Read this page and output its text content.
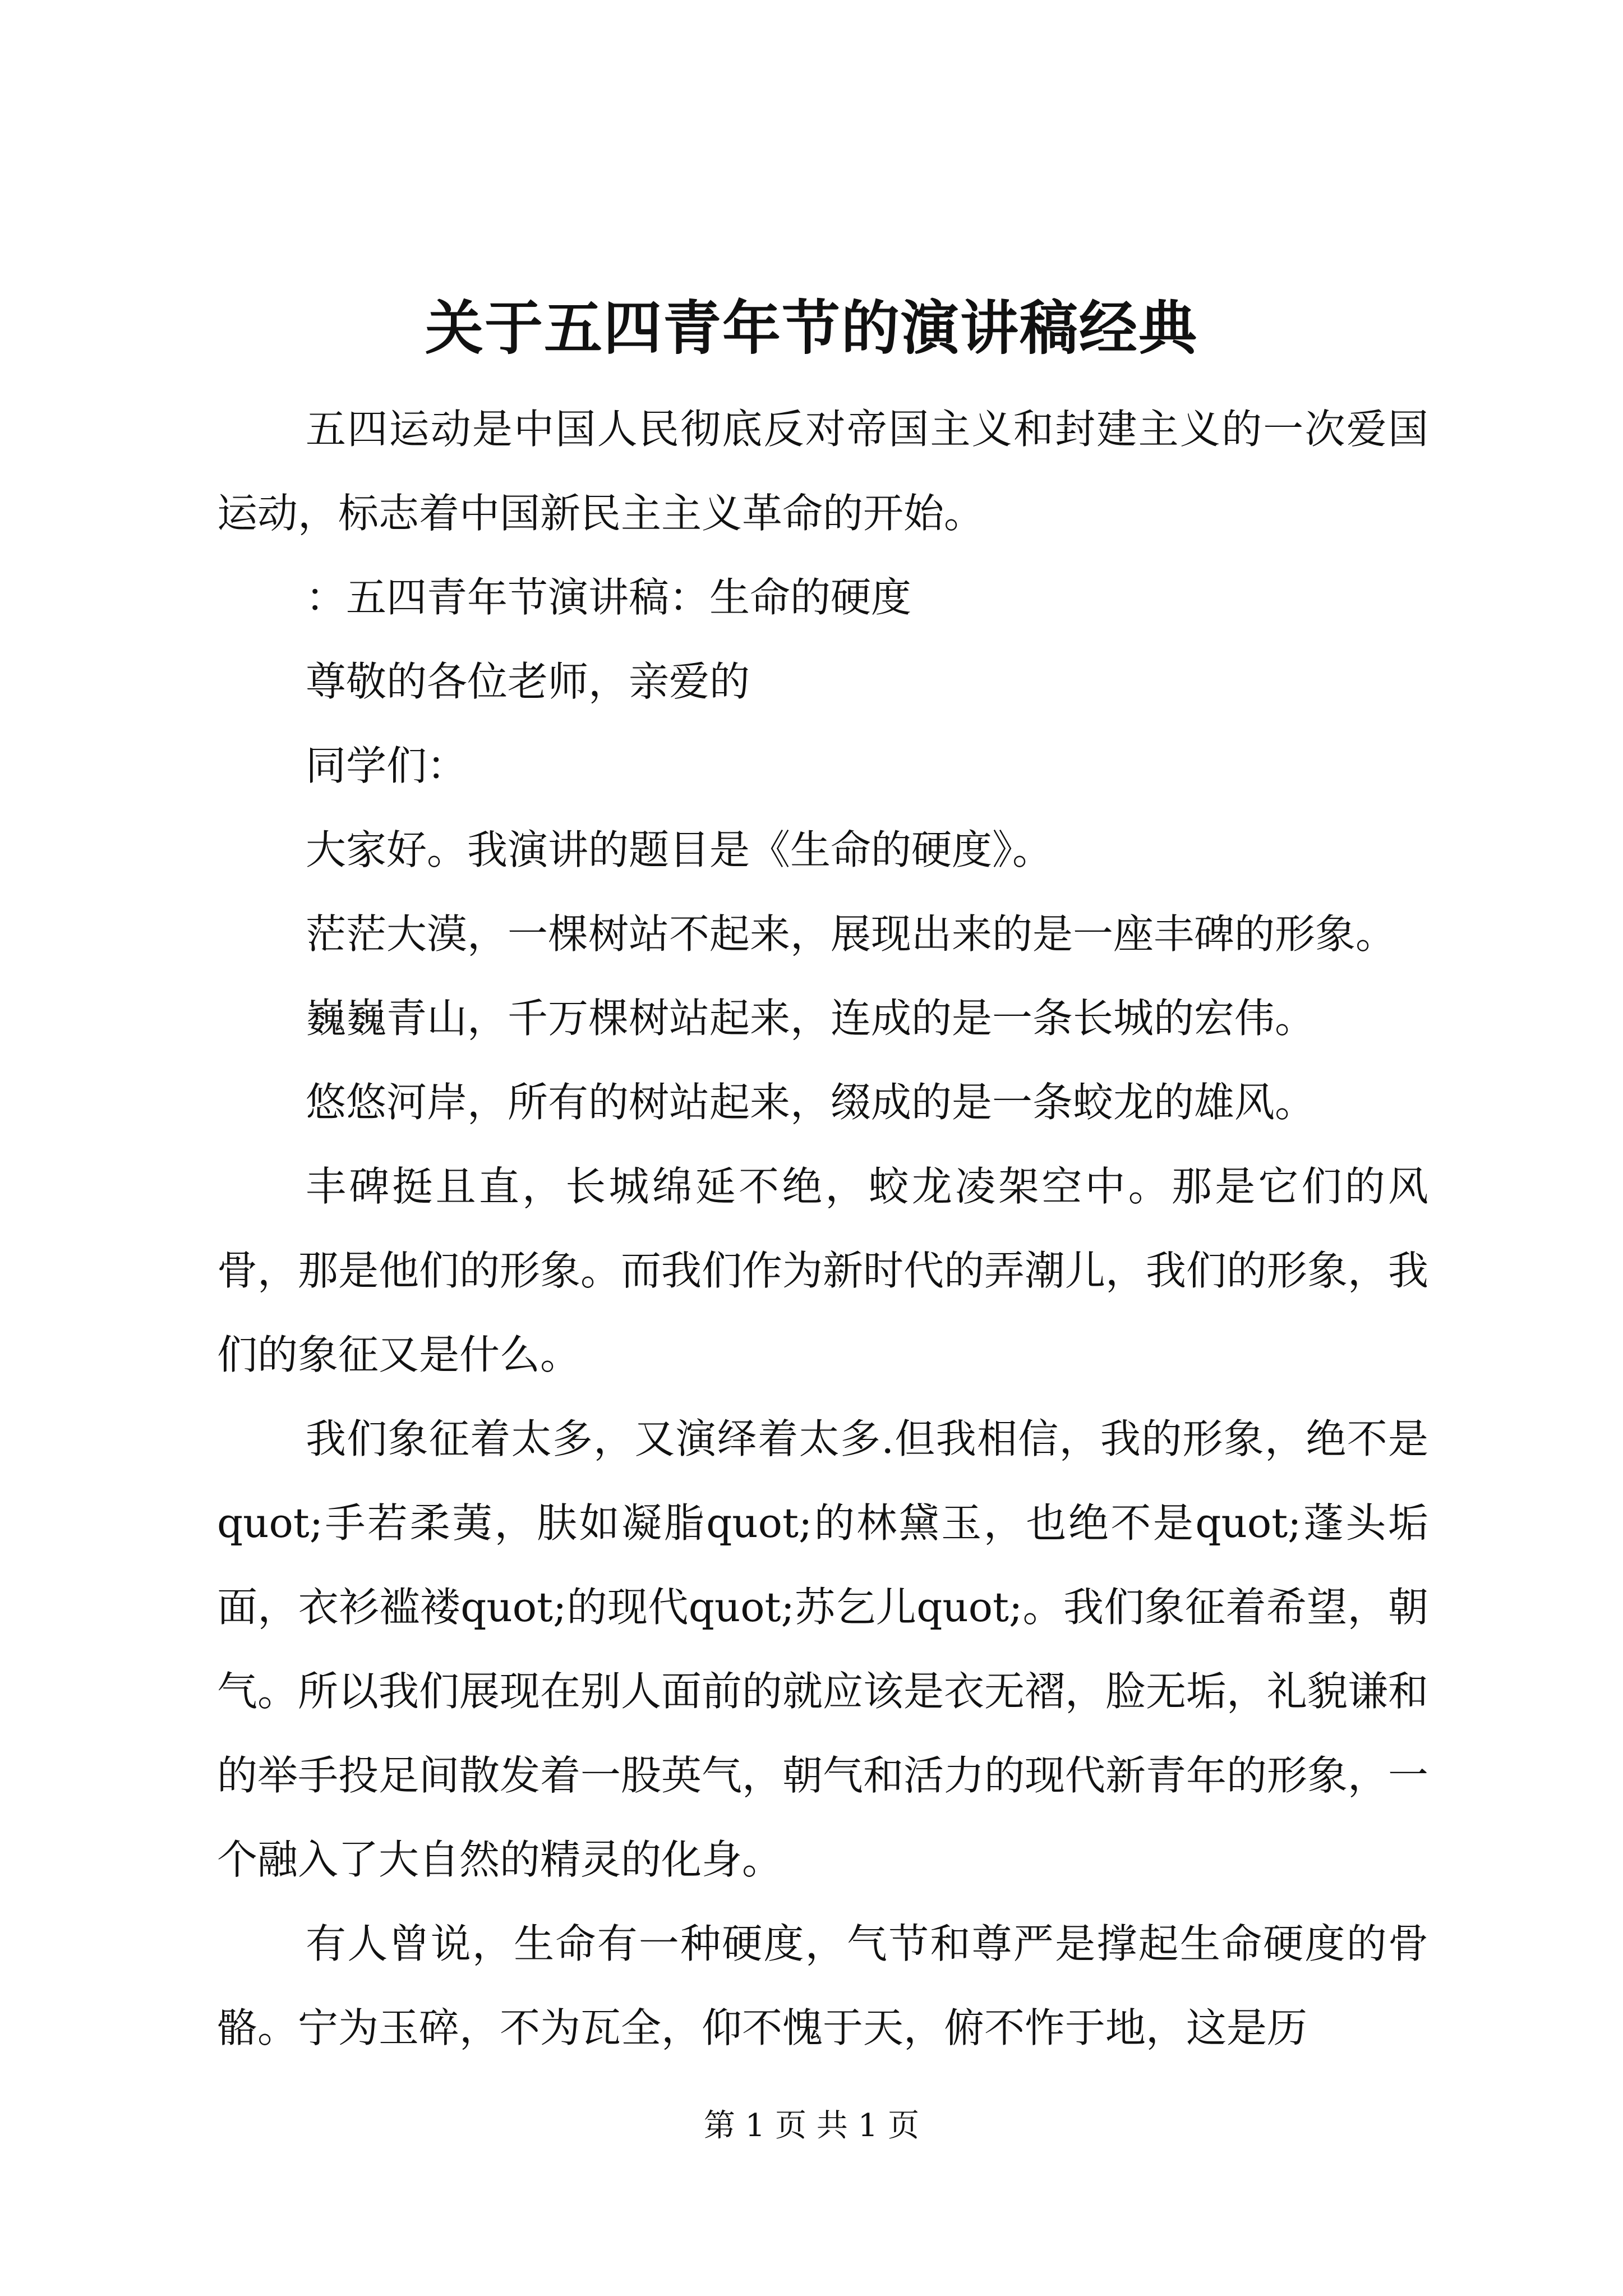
关于五四青年节的演讲稿经典

五四运动是中国人民彻底反对帝国主义和封建主义的一次爱国运动，标志着中国新民主主义革命的开始。

：五四青年节演讲稿：生命的硬度

尊敬的各位老师，亲爱的

同学们：

大家好。我演讲的题目是《生命的硬度》。

茫茫大漠，一棵树站不起来，展现出来的是一座丰碑的形象。

巍巍青山，千万棵树站起来，连成的是一条长城的宏伟。

悠悠河岸，所有的树站起来，缀成的是一条蛟龙的雄风。

丰碑挺且直，长城绵延不绝，蛟龙凌架空中。那是它们的风骨，那是他们的形象。而我们作为新时代的弄潮儿，我们的形象，我们的象征又是什么。

我们象征着太多，又演绎着太多.但我相信，我的形象，绝不是quot;手若柔荑，肤如凝脂quot;的林黛玉，也绝不是quot;蓬头垢面，衣衫褴褛quot;的现代quot;苏乞儿quot;。我们象征着希望，朝气。所以我们展现在别人面前的就应该是衣无褶，脸无垢，礼貌谦和的举手投足间散发着一股英气，朝气和活力的现代新青年的形象，一个融入了大自然的精灵的化身。

有人曾说，生命有一种硬度，气节和尊严是撑起生命硬度的骨骼。宁为玉碎，不为瓦全，仰不愧于天，俯不怍于地，这是历

第 1 页 共 1 页
